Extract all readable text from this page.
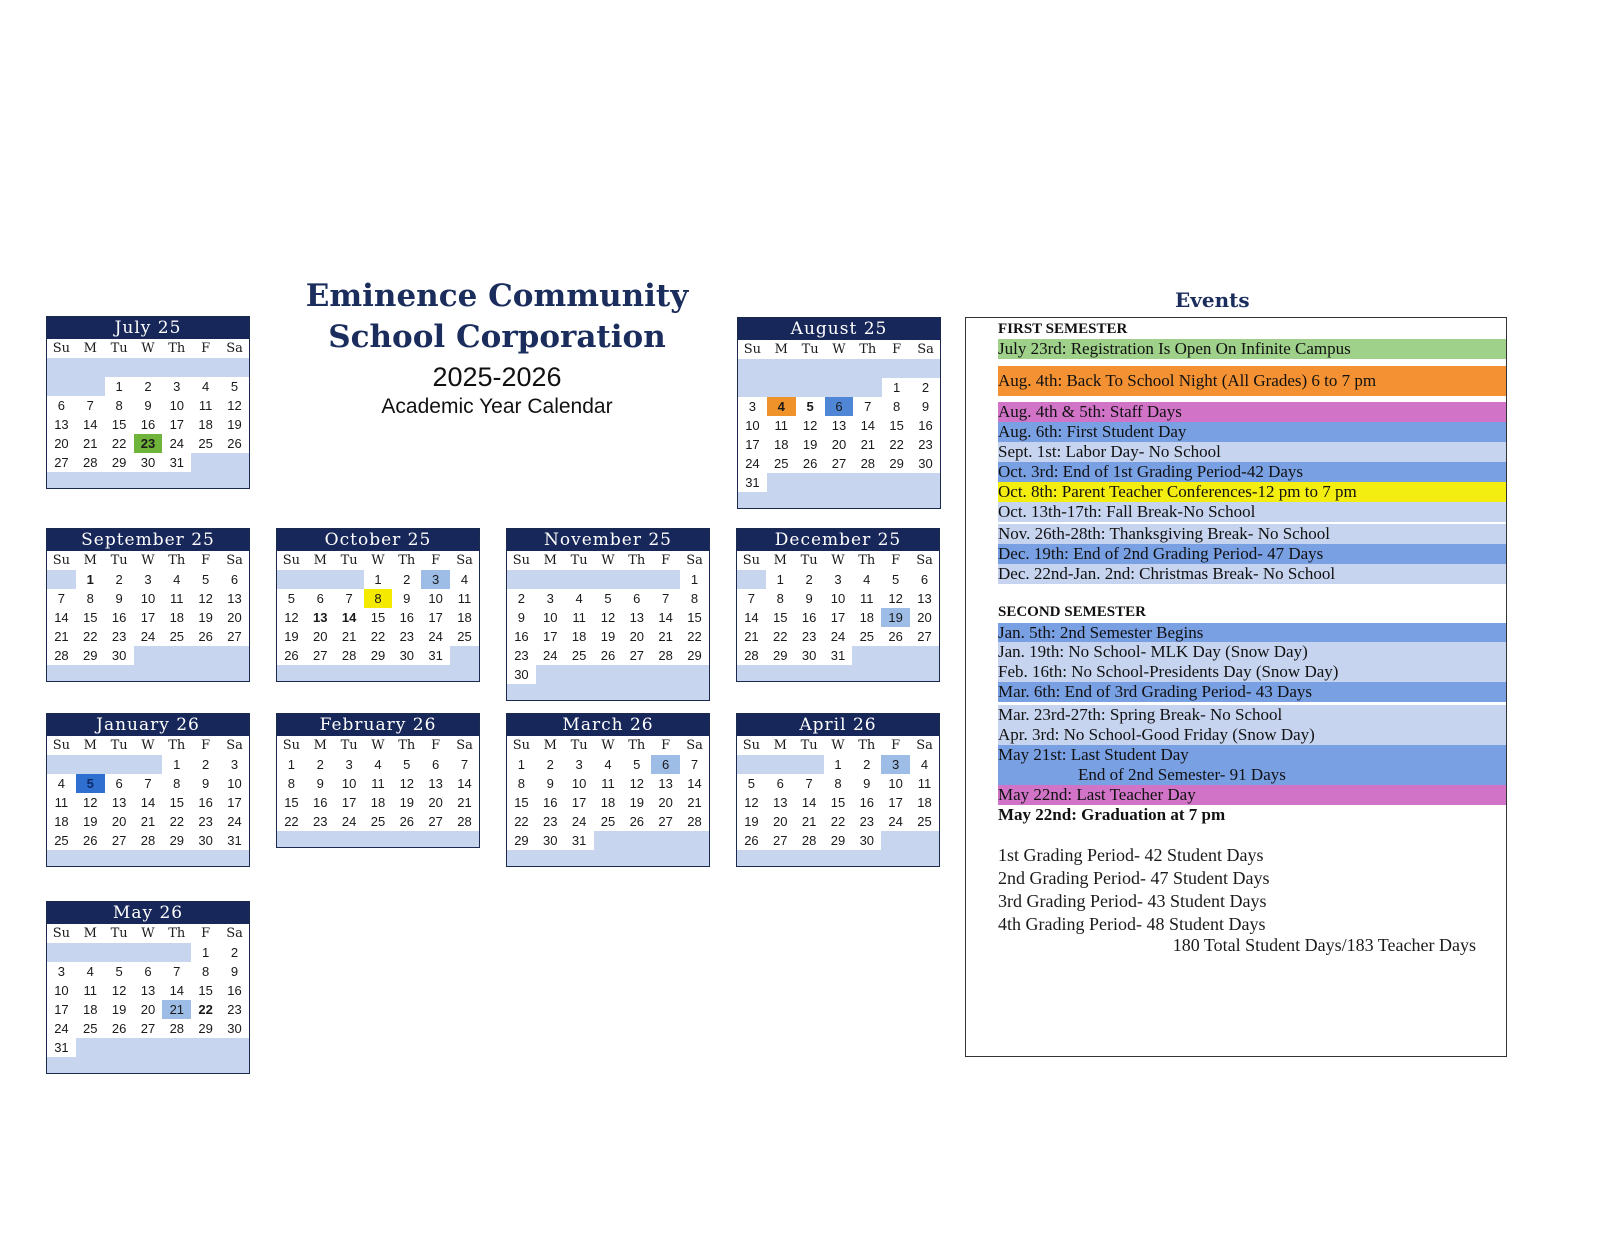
Eminence Community
School Corporation
2025-2026
Academic Year Calendar
July 25
Su	M	Tu	W	Th	F	Sa

		1	2	3	4	5
6	7	8	9	10	11	12
13	14	15	16	17	18	19
20	21	22	23	24	25	26
27	28	29	30	31		
August 25
Su	M	Tu	W	Th	F	Sa

					1	2
3	4	5	6	7	8	9
10	11	12	13	14	15	16
17	18	19	20	21	22	23
24	25	26	27	28	29	30
31						
September 25
Su	M	Tu	W	Th	F	Sa
	1	2	3	4	5	6
7	8	9	10	11	12	13
14	15	16	17	18	19	20
21	22	23	24	25	26	27
28	29	30				
October 25
Su	M	Tu	W	Th	F	Sa
			1	2	3	4
5	6	7	8	9	10	11
12	13	14	15	16	17	18
19	20	21	22	23	24	25
26	27	28	29	30	31	
November 25
Su	M	Tu	W	Th	F	Sa
						1
2	3	4	5	6	7	8
9	10	11	12	13	14	15
16	17	18	19	20	21	22
23	24	25	26	27	28	29
30						
December 25
Su	M	Tu	W	Th	F	Sa
	1	2	3	4	5	6
7	8	9	10	11	12	13
14	15	16	17	18	19	20
21	22	23	24	25	26	27
28	29	30	31			
January 26
Su	M	Tu	W	Th	F	Sa
				1	2	3
4	5	6	7	8	9	10
11	12	13	14	15	16	17
18	19	20	21	22	23	24
25	26	27	28	29	30	31
February 26
Su	M	Tu	W	Th	F	Sa
1	2	3	4	5	6	7
8	9	10	11	12	13	14
15	16	17	18	19	20	21
22	23	24	25	26	27	28
March 26
Su	M	Tu	W	Th	F	Sa
1	2	3	4	5	6	7
8	9	10	11	12	13	14
15	16	17	18	19	20	21
22	23	24	25	26	27	28
29	30	31				
April 26
Su	M	Tu	W	Th	F	Sa
			1	2	3	4
5	6	7	8	9	10	11
12	13	14	15	16	17	18
19	20	21	22	23	24	25
26	27	28	29	30		
May 26
Su	M	Tu	W	Th	F	Sa
					1	2
3	4	5	6	7	8	9
10	11	12	13	14	15	16
17	18	19	20	21	22	23
24	25	26	27	28	29	30
31						
Events
FIRST SEMESTER
July 23rd: Registration Is Open On Infinite Campus
Aug. 4th: Back To School Night (All Grades) 6 to 7 pm
Aug. 4th & 5th: Staff Days
Aug. 6th: First Student Day
Sept. 1st: Labor Day- No School
Oct. 3rd: End of 1st Grading Period-42 Days
Oct. 8th: Parent Teacher Conferences-12 pm to 7 pm
Oct. 13th-17th: Fall Break-No School
Nov. 26th-28th: Thanksgiving Break- No School
Dec. 19th: End of 2nd Grading Period- 47 Days
Dec. 22nd-Jan. 2nd: Christmas Break- No School
SECOND SEMESTER
Jan. 5th: 2nd Semester Begins
Jan. 19th: No School- MLK Day (Snow Day)
Feb. 16th: No School-Presidents Day (Snow Day)
Mar. 6th: End of 3rd Grading Period- 43 Days
Mar. 23rd-27th: Spring Break- No School
Apr. 3rd: No School-Good Friday (Snow Day)
May 21st: Last Student Day
End of 2nd Semester- 91 Days
May 22nd: Last Teacher Day
May 22nd: Graduation at 7 pm
1st Grading Period- 42 Student Days
2nd Grading Period- 47 Student Days
3rd Grading Period- 43 Student Days
4th Grading Period- 48 Student Days
180 Total Student Days/183 Teacher Days
